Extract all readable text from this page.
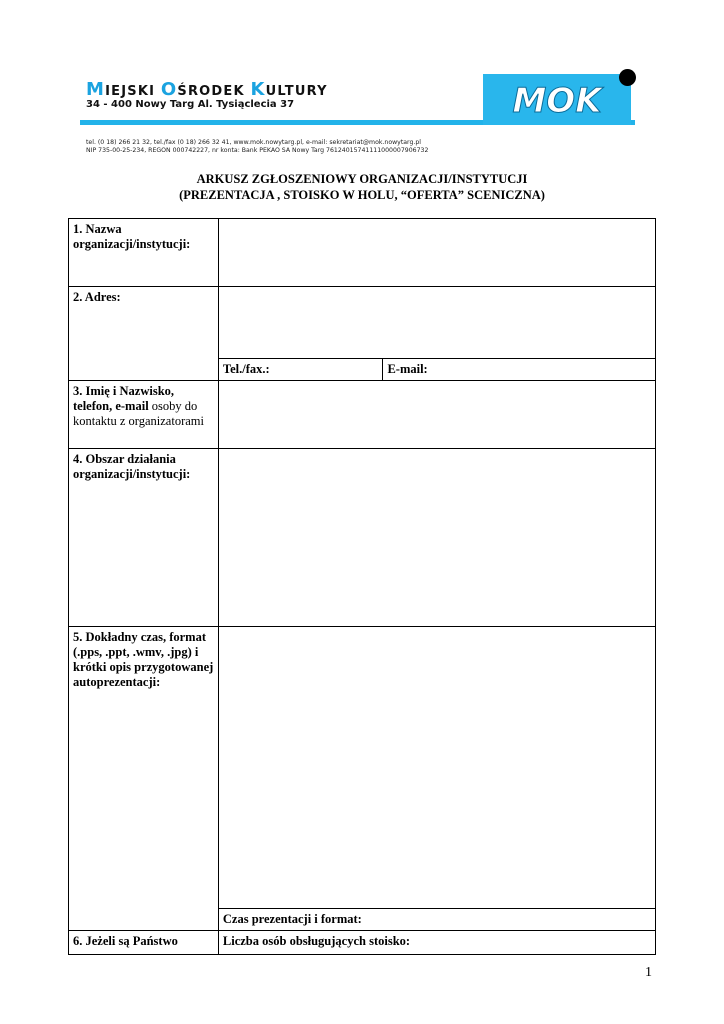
MIEJSKI OŚRODEK KULTURY
34 - 400 Nowy Targ Al. Tysiąclecia 37	MOK
tel. (0 18) 266 21 32, tel./fax (0 18) 266 32 41, www.mok.nowytarg.pl, e-mail: sekretariat@mok.nowytarg.pl
NIP 735-00-25-234, REGON 000742227, nr konta: Bank PEKAO SA Nowy Targ 76124015741111000007906732
ARKUSZ ZGŁOSZENIOWY ORGANIZACJI/INSTYTUCJI
(PREZENTACJA , STOISKO W HOLU, “OFERTA” SCENICZNA)
1. Nazwa organizacji/instytucji:		
2. Adres:		
	Tel./fax.:	E-mail:
3. Imię i Nazwisko, telefon, e-mail osoby do kontaktu z organizatorami		
4. Obszar działania organizacji/instytucji:		
5. Dokładny czas, format (.pps, .ppt, .wmv, .jpg) i krótki opis przygotowanej autoprezentacji:		
	Czas prezentacji i format:	
6. Jeżeli są Państwo	Liczba osób obsługujących stoisko:	
1
